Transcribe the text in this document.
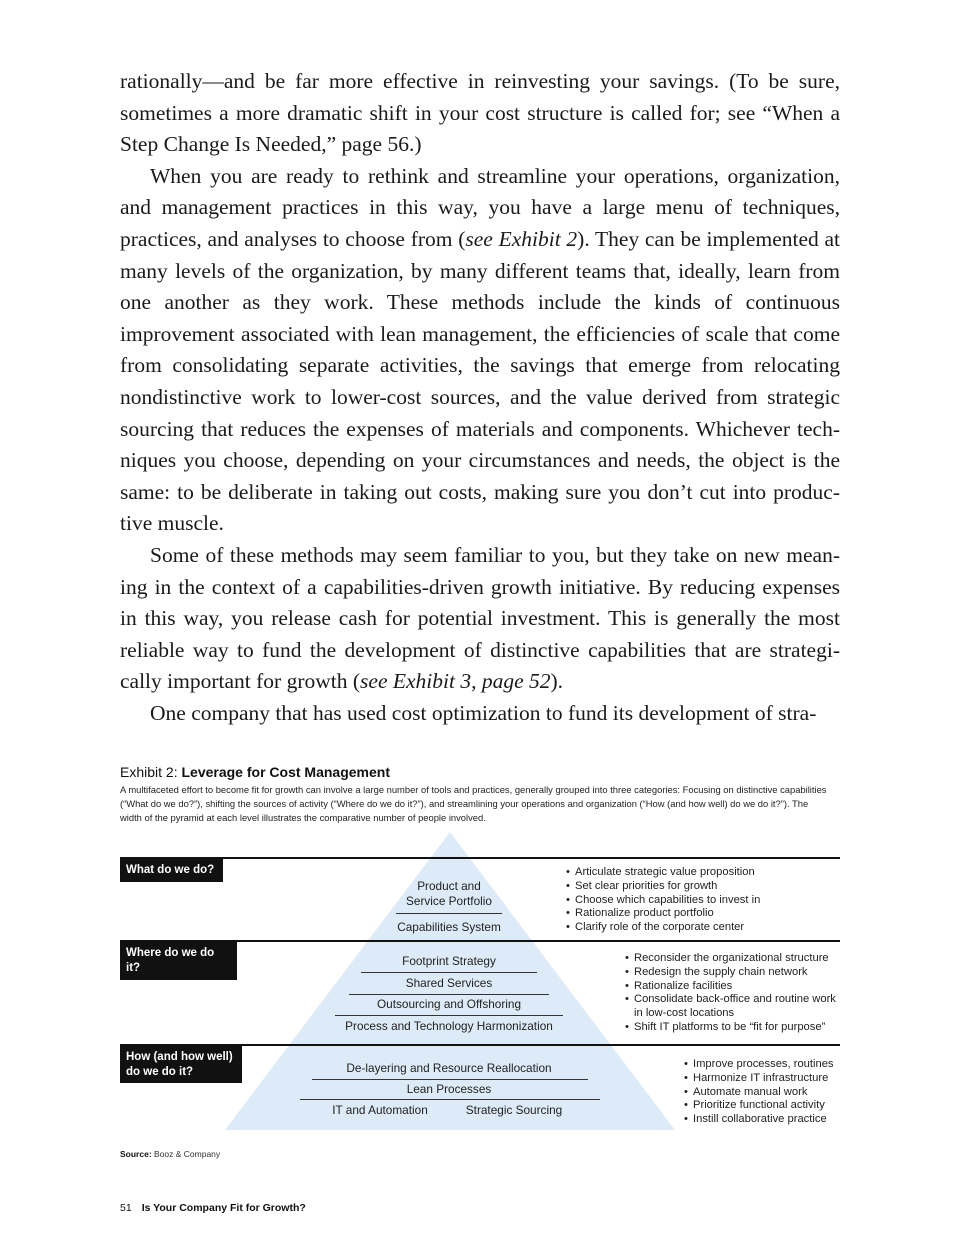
rationally—and be far more effective in reinvesting your savings. (To be sure, sometimes a more dramatic shift in your cost structure is called for; see “When a Step Change Is Needed,” page 56.)

When you are ready to rethink and streamline your operations, organization, and management practices in this way, you have a large menu of techniques, practices, and analyses to choose from (see Exhibit 2). They can be implemented at many levels of the organization, by many different teams that, ideally, learn from one another as they work. These methods include the kinds of continuous improvement associated with lean management, the efficiencies of scale that come from consolidating separate activities, the savings that emerge from relocating nondistinctive work to lower-cost sources, and the value derived from strategic sourcing that reduces the expenses of materials and components. Whichever techniques you choose, depending on your circumstances and needs, the object is the same: to be deliberate in taking out costs, making sure you don’t cut into productive muscle.

Some of these methods may seem familiar to you, but they take on new meaning in the context of a capabilities-driven growth initiative. By reducing expenses in this way, you release cash for potential investment. This is generally the most reliable way to fund the development of distinctive capabilities that are strategically important for growth (see Exhibit 3, page 52).

One company that has used cost optimization to fund its development of stra-

Exhibit 2: Leverage for Cost Management
A multifaceted effort to become fit for growth can involve a large number of tools and practices, generally grouped into three categories: Focusing on distinctive capabilities (“What do we do?”), shifting the sources of activity (“Where do we do it?”), and streamlining your operations and organization (“How (and how well) do we do it?”). The width of the pyramid at each level illustrates the comparative number of people involved.
What do we do?
Where do we do it?
How (and how well)
do we do it?
Product and
Service Portfolio
Capabilities System
Footprint Strategy
Shared Services
Outsourcing and Offshoring
Process and Technology Harmonization
De-layering and Resource Reallocation
Lean Processes
IT and Automation	Strategic Sourcing
• Articulate strategic value proposition
• Set clear priorities for growth
• Choose which capabilities to invest in
• Rationalize product portfolio
• Clarify role of the corporate center
• Reconsider the organizational structure
• Redesign the supply chain network
• Rationalize facilities
• Consolidate back-office and routine work in low-cost locations
• Shift IT platforms to be “fit for purpose”
• Improve processes, routines
• Harmonize IT infrastructure
• Automate manual work
• Prioritize functional activity
• Instill collaborative practice
Source: Booz & Company
51 Is Your Company Fit for Growth?
